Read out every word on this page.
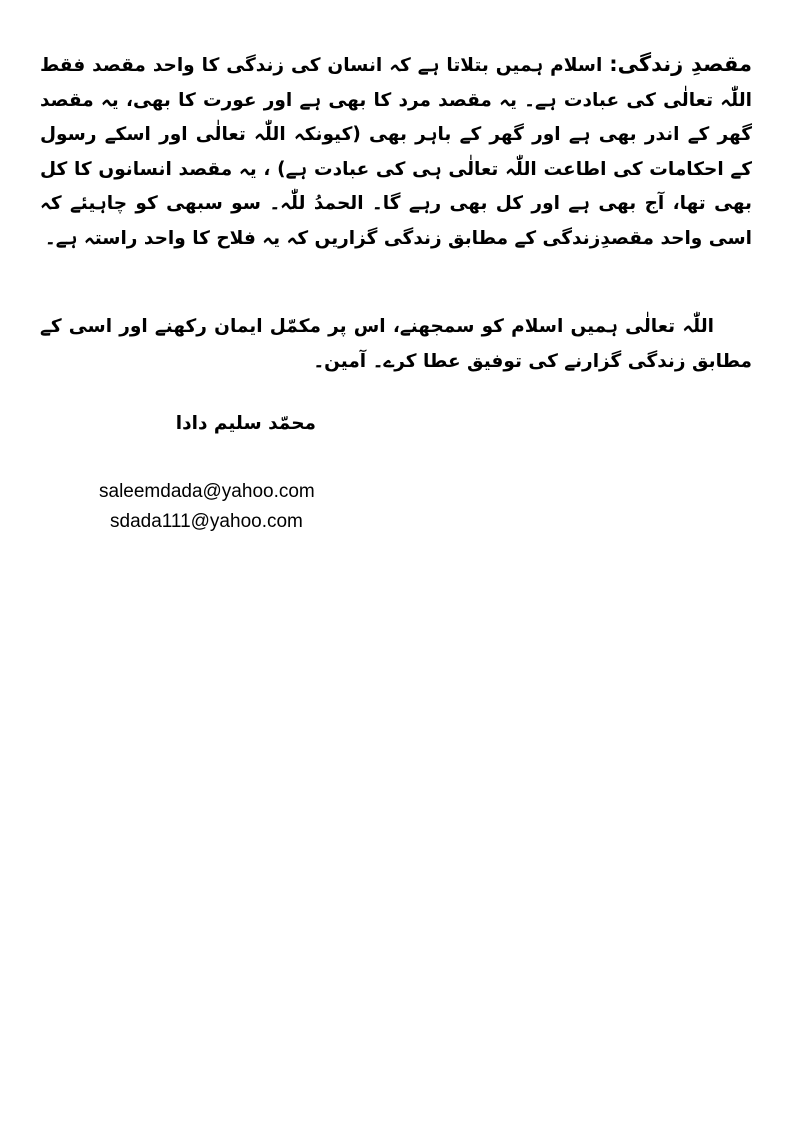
مقصدِ زندگی: اسلام ہمیں بتلاتا ہے کہ انسان کی زندگی کا واحد مقصد فقط اللّٰہ تعالٰی کی عبادت ہے۔ یہ مقصد مرد کا بھی ہے اور عورت کا بھی، یہ مقصد گھر کے اندر بھی ہے اور گھر کے باہر بھی (کیونکہ اللّٰہ تعالٰی اور اسکے رسول کے احکامات کی اطاعت اللّٰہ تعالٰی ہی کی عبادت ہے) ، یہ مقصد انسانوں کا کل بھی تھا، آج بھی ہے اور کل بھی رہے گا۔ الحمدُ للّٰہ۔ سو سبھی کو چاہیئے کہ اسی واحد مقصدِزندگی کے مطابق زندگی گزاریں کہ یہ فلاح کا واحد راستہ ہے۔

اللّٰہ تعالٰی ہمیں اسلام کو سمجھنے، اس پر مکمّل ایمان رکھنے اور اسی کے مطابق زندگی گزارنے کی توفیق عطا کرے۔ آمین۔

محمّد سلیم دادا

saleemdada@yahoo.com
sdada111@yahoo.com
